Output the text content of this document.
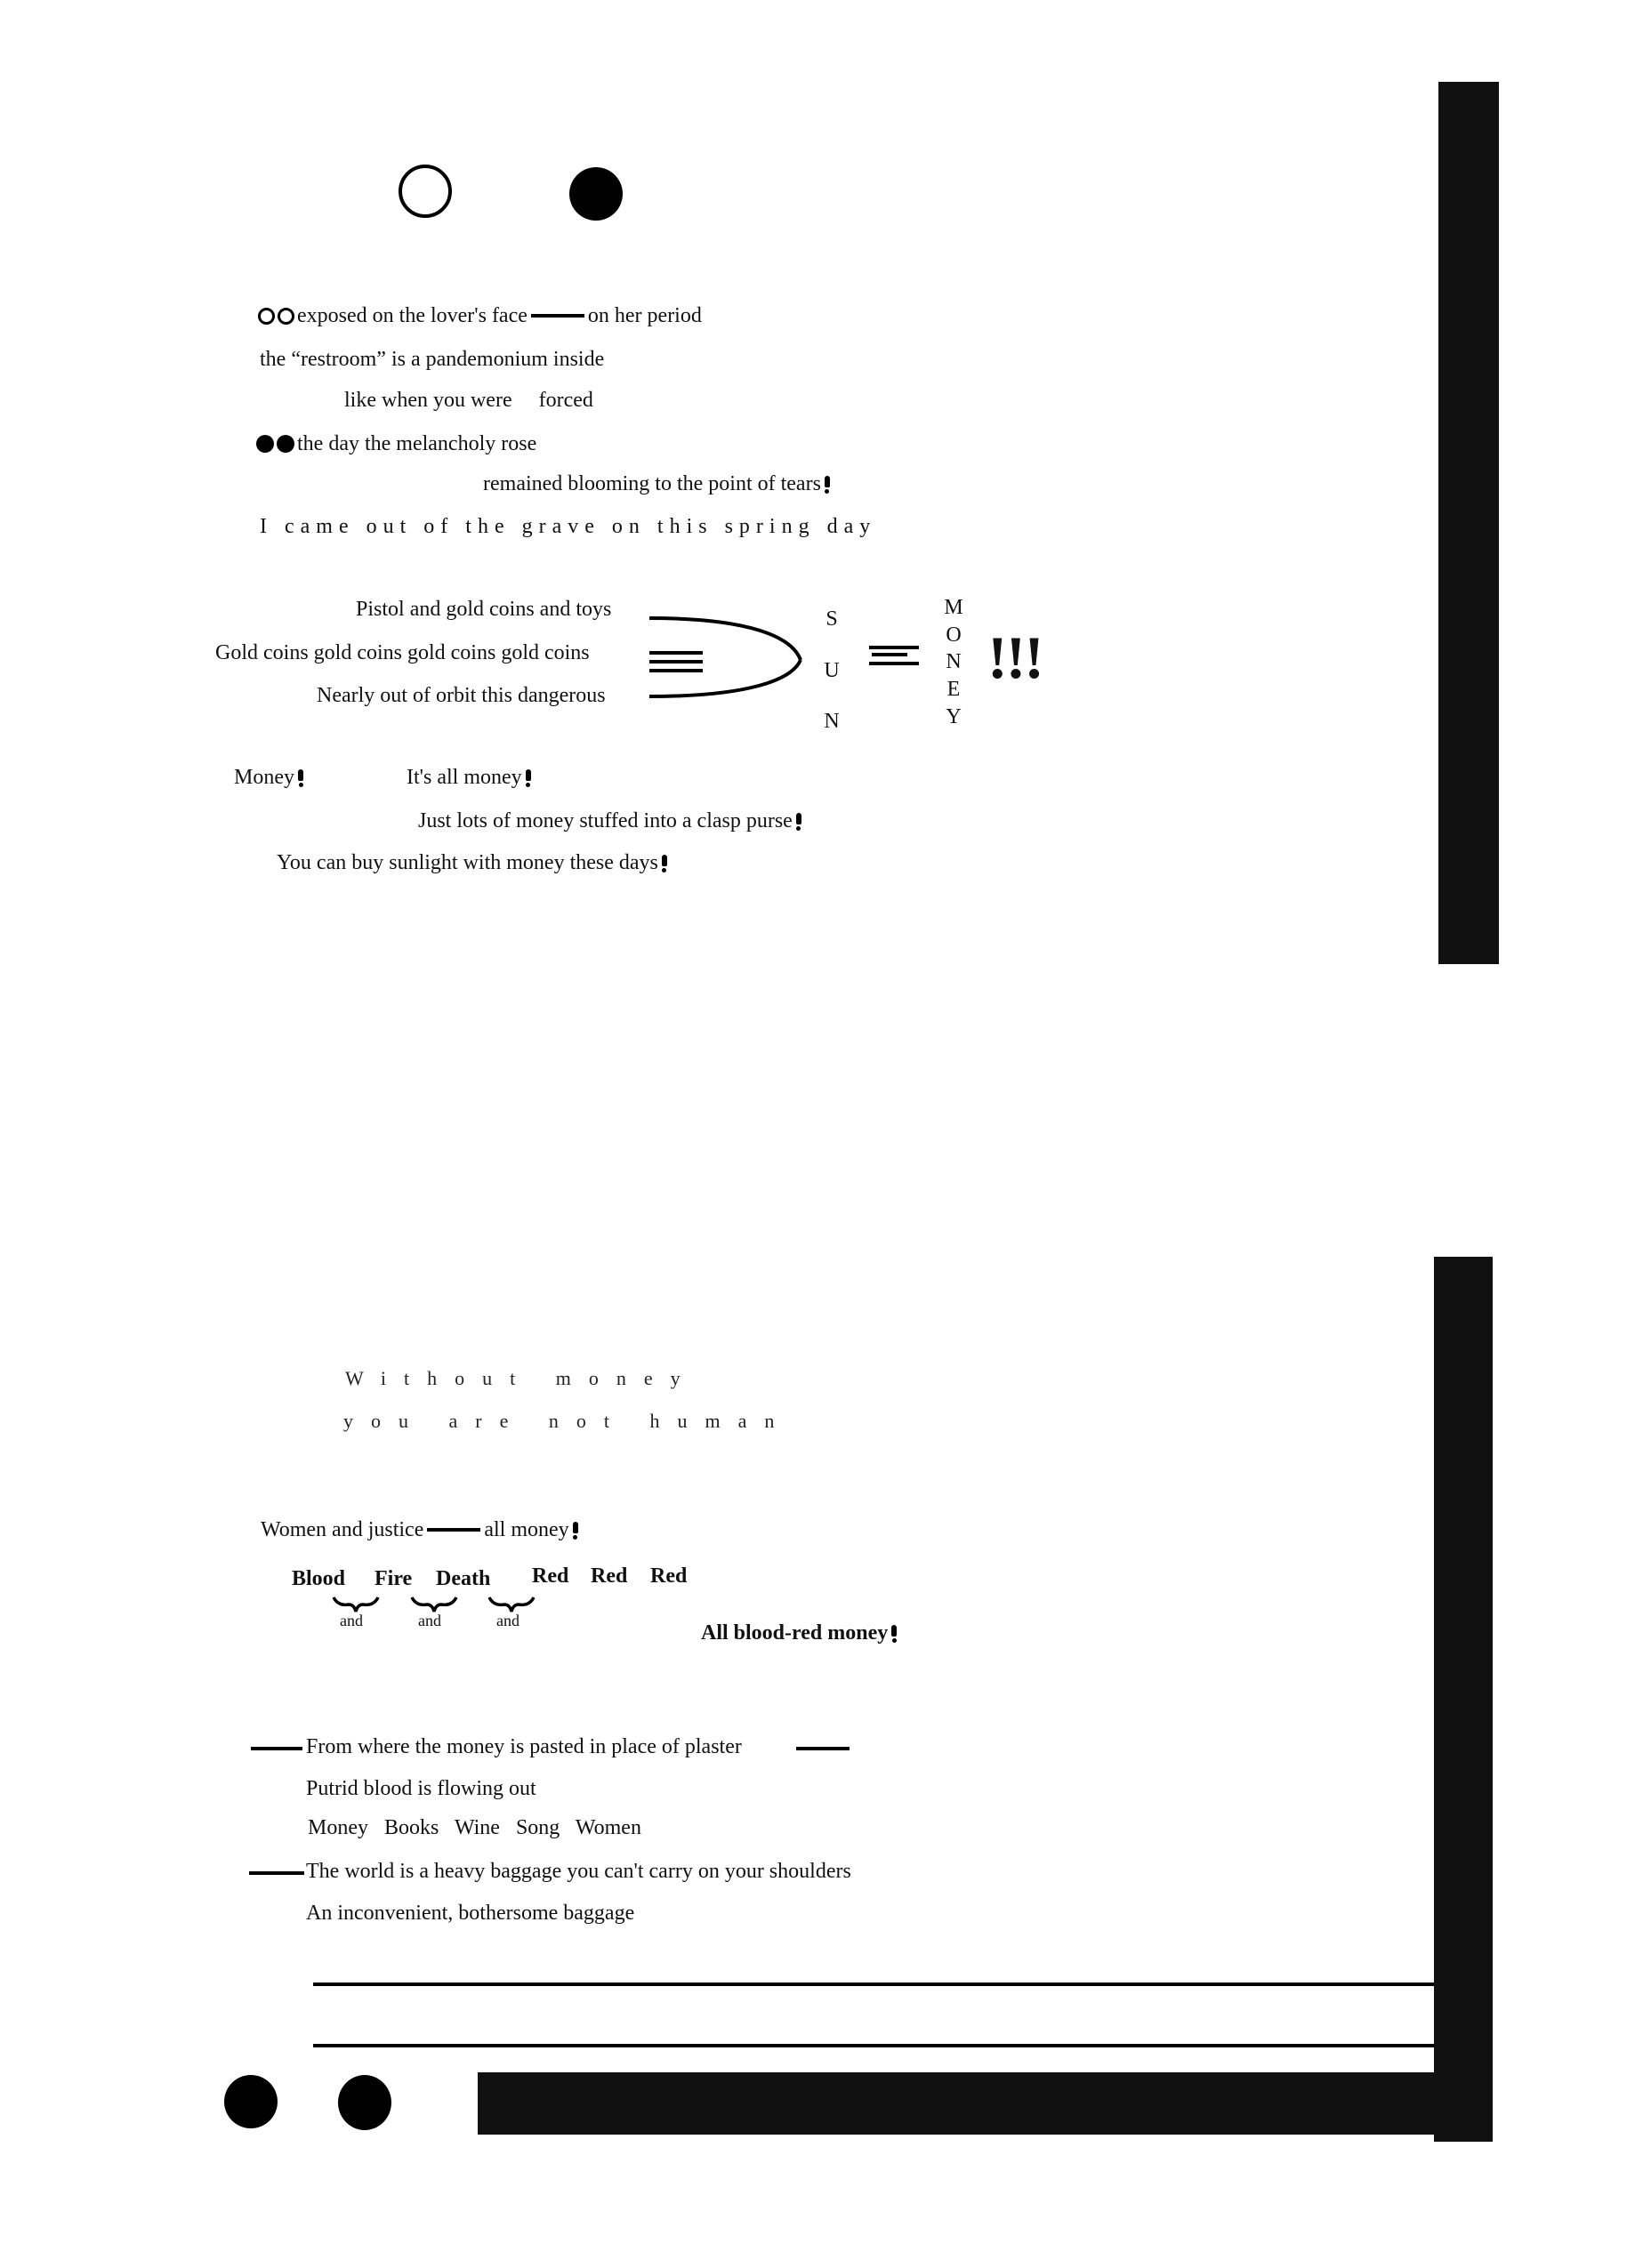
exposed on the lover's face	on her period
the “restroom” is a pandemonium inside
like when you were forced
the day the melancholy rose
remained blooming to the point of tears
I came out of the grave on this spring day
Pistol and gold coins and toys
Gold coins gold coins gold coins gold coins
Nearly out of orbit this dangerous
S
U
N
M
O
N
E
Y
!!!
Money	It's all money
Just lots of money stuffed into a clasp purse
You can buy sunlight with money these days
Without money
you are not human
Women and justice	all money
Blood Fire Death Red Red Red
and	and	and
All blood-red money
From where the money is pasted in place of plaster
Putrid blood is flowing out
Money Books Wine Song Women
The world is a heavy baggage you can't carry on your shoulders
An inconvenient, bothersome baggage
